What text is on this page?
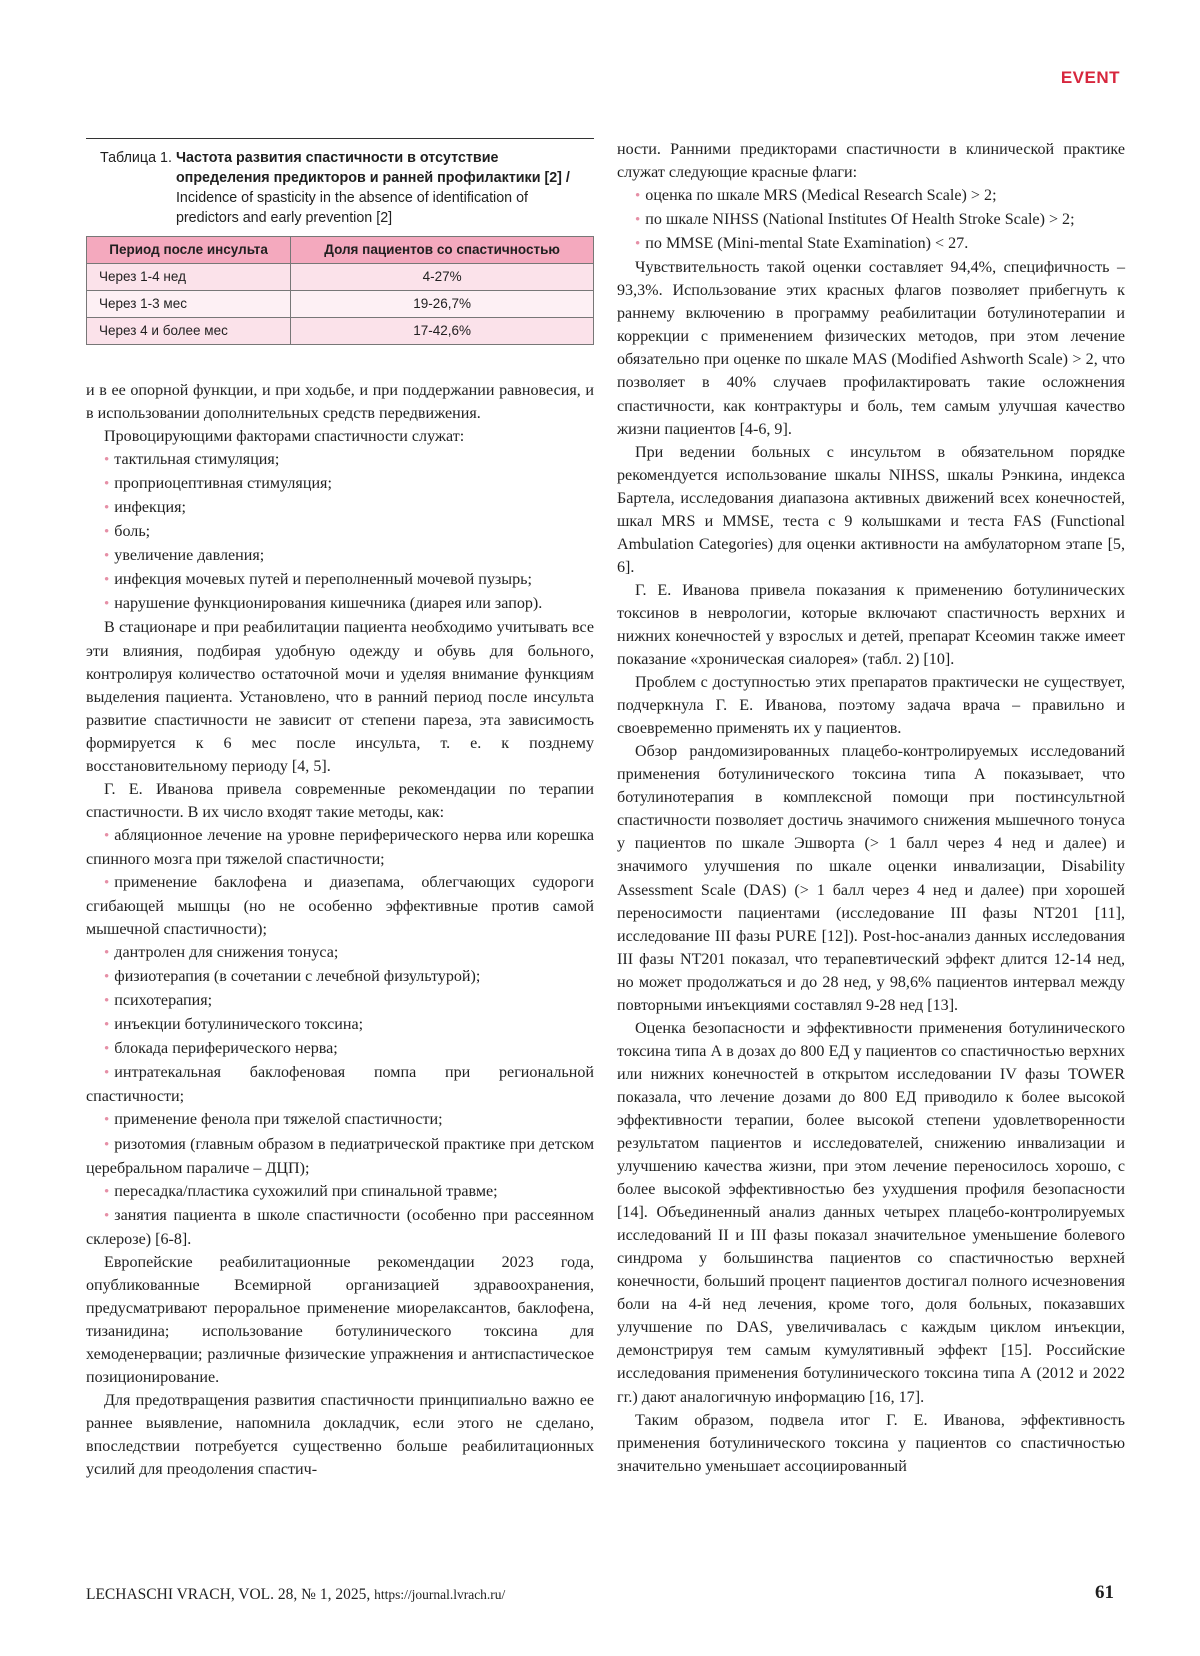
EVENT
Таблица 1. Частота развития спастичности в отсутствие определения предикторов и ранней профилактики [2] / Incidence of spasticity in the absence of identification of predictors and early prevention [2]
Период после инсульта	Доля пациентов со спастичностью
Через 1-4 нед	4-27%
Через 1-3 мес	19-26,7%
Через 4 и более мес	17-42,6%

и в ее опорной функции, и при ходьбе, и при поддержании равновесия, и в использовании дополнительных средств передвижения.

Провоцирующими факторами спастичности служат:

• тактильная стимуляция;

• проприоцептивная стимуляция;

• инфекция;

• боль;

• увеличение давления;

• инфекция мочевых путей и переполненный мочевой пузырь;

• нарушение функционирования кишечника (диарея или запор).

В стационаре и при реабилитации пациента необходимо учитывать все эти влияния, подбирая удобную одежду и обувь для больного, контролируя количество остаточной мочи и уделяя внимание функциям выделения пациента. Установлено, что в ранний период после инсульта развитие спастичности не зависит от степени пареза, эта зависимость формируется к 6 мес после инсульта, т. е. к позднему восстановительному периоду [4, 5].

Г. Е. Иванова привела современные рекомендации по терапии спастичности. В их число входят такие методы, как:

• абляционное лечение на уровне периферического нерва или корешка спинного мозга при тяжелой спастичности;

• применение баклофена и диазепама, облегчающих судороги сгибающей мышцы (но не особенно эффективные против самой мышечной спастичности);

• дантролен для снижения тонуса;

• физиотерапия (в сочетании с лечебной физультурой);

• психотерапия;

• инъекции ботулинического токсина;

• блокада периферического нерва;

• интратекальная баклофеновая помпа при региональной спастичности;

• применение фенола при тяжелой спастичности;

• ризотомия (главным образом в педиатрической практике при детском церебральном параличе – ДЦП);

• пересадка/пластика сухожилий при спинальной травме;

• занятия пациента в школе спастичности (особенно при рассеянном склерозе) [6-8].

Европейские реабилитационные рекомендации 2023 года, опубликованные Всемирной организацией здравоохранения, предусматривают пероральное применение миорелаксантов, баклофена, тизанидина; использование ботулинического токсина для хемоденервации; различные физические упражнения и антиспастическое позиционирование.

Для предотвращения развития спастичности принципиально важно ее раннее выявление, напомнила докладчик, если этого не сделано, впоследствии потребуется существенно больше реабилитационных усилий для преодоления спастич-

ности. Ранними предикторами спастичности в клинической практике служат следующие красные флаги:

• оценка по шкале MRS (Medical Research Scale) > 2;

• по шкале NIHSS (National Institutes Of Health Stroke Scale) > 2;

• по MMSE (Mini-mental State Examination) < 27.

Чувствительность такой оценки составляет 94,4%, специфичность – 93,3%. Использование этих красных флагов позволяет прибегнуть к раннему включению в программу реабилитации ботулинотерапии и коррекции с применением физических методов, при этом лечение обязательно при оценке по шкале MAS (Modified Ashworth Scale) > 2, что позволяет в 40% случаев профилактировать такие осложнения спастичности, как контрактуры и боль, тем самым улучшая качество жизни пациентов [4-6, 9].

При ведении больных с инсультом в обязательном порядке рекомендуется использование шкалы NIHSS, шкалы Рэнкина, индекса Бартела, исследования диапазона активных движений всех конечностей, шкал MRS и MMSE, теста с 9 колышками и теста FAS (Functional Ambulation Categories) для оценки активности на амбулаторном этапе [5, 6].

Г. Е. Иванова привела показания к применению ботулинических токсинов в неврологии, которые включают спастичность верхних и нижних конечностей у взрослых и детей, препарат Ксеомин также имеет показание «хроническая сиалорея» (табл. 2) [10].

Проблем с доступностью этих препаратов практически не существует, подчеркнула Г. Е. Иванова, поэтому задача врача – правильно и своевременно применять их у пациентов.

Обзор рандомизированных плацебо-контролируемых исследований применения ботулинического токсина типа А показывает, что ботулинотерапия в комплексной помощи при постинсультной спастичности позволяет достичь значимого снижения мышечного тонуса у пациентов по шкале Эшворта (> 1 балл через 4 нед и далее) и значимого улучшения по шкале оценки инвализации, Disability Assessment Scale (DAS) (> 1 балл через 4 нед и далее) при хорошей переносимости пациентами (исследование III фазы NT201 [11], исследование III фазы PURE [12]). Post-hoc-анализ данных исследования III фазы NT201 показал, что терапевтический эффект длится 12-14 нед, но может продолжаться и до 28 нед, у 98,6% пациентов интервал между повторными инъекциями составлял 9-28 нед [13].

Оценка безопасности и эффективности применения ботулинического токсина типа А в дозах до 800 ЕД у пациентов со спастичностью верхних или нижних конечностей в открытом исследовании IV фазы TOWER показала, что лечение дозами до 800 ЕД приводило к более высокой эффективности терапии, более высокой степени удовлетворенности результатом пациентов и исследователей, снижению инвализации и улучшению качества жизни, при этом лечение переносилось хорошо, с более высокой эффективностью без ухудшения профиля безопасности [14]. Объединенный анализ данных четырех плацебо-контролируемых исследований II и III фазы показал значительное уменьшение болевого синдрома у большинства пациентов со спастичностью верхней конечности, больший процент пациентов достигал полного исчезновения боли на 4-й нед лечения, кроме того, доля больных, показавших улучшение по DAS, увеличивалась с каждым циклом инъекции, демонстрируя тем самым кумулятивный эффект [15]. Российские исследования применения ботулинического токсина типа А (2012 и 2022 гг.) дают аналогичную информацию [16, 17].

Таким образом, подвела итог Г. Е. Иванова, эффективность применения ботулинического токсина у пациентов со спастичностью значительно уменьшает ассоциированный

LECHASCHI VRACH, VOL. 28, № 1, 2025, https://journal.lvrach.ru/	61
